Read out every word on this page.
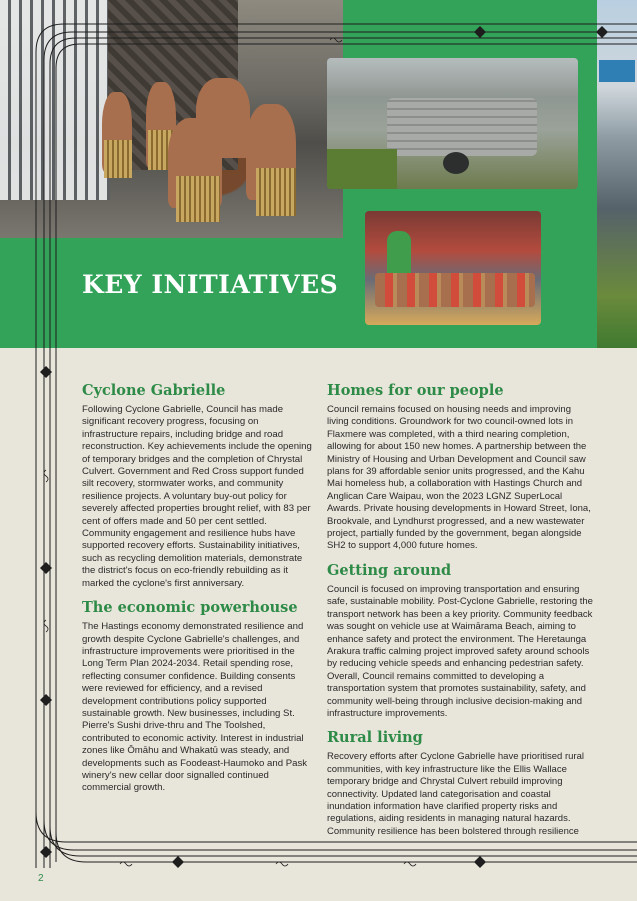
KEY INITIATIVES
Cyclone Gabrielle

Following Cyclone Gabrielle, Council has made significant recovery progress, focusing on infrastructure repairs, including bridge and road reconstruction. Key achievements include the opening of temporary bridges and the completion of Chrystal Culvert. Government and Red Cross support funded silt recovery, stormwater works, and community resilience projects. A voluntary buy-out policy for severely affected properties brought relief, with 83 per cent of offers made and 50 per cent settled. Community engagement and resilience hubs have supported recovery efforts. Sustainability initiatives, such as recycling demolition materials, demonstrate the district's focus on eco-friendly rebuilding as it marked the cyclone's first anniversary.

The economic powerhouse

The Hastings economy demonstrated resilience and growth despite Cyclone Gabrielle's challenges, and infrastructure improvements were prioritised in the Long Term Plan 2024-2034. Retail spending rose, reflecting consumer confidence. Building consents were reviewed for efficiency, and a revised development contributions policy supported sustainable growth. New businesses, including St. Pierre's Sushi drive-thru and The Toolshed, contributed to economic activity. Interest in industrial zones like Ōmāhu and Whakatū was steady, and developments such as Foodeast-Haumoko and Pask winery's new cellar door signalled continued commercial growth.

Homes for our people

Council remains focused on housing needs and improving living conditions. Groundwork for two council-owned lots in Flaxmere was completed, with a third nearing completion, allowing for about 150 new homes. A partnership between the Ministry of Housing and Urban Development and Council saw plans for 39 affordable senior units progressed, and the Kahu Mai homeless hub, a collaboration with Hastings Church and Anglican Care Waipau, won the 2023 LGNZ SuperLocal Awards. Private housing developments in Howard Street, Iona, Brookvale, and Lyndhurst progressed, and a new wastewater project, partially funded by the government, began alongside SH2 to support 4,000 future homes.

Getting around

Council is focused on improving transportation and ensuring safe, sustainable mobility. Post-Cyclone Gabrielle, restoring the transport network has been a key priority. Community feedback was sought on vehicle use at Waimārama Beach, aiming to enhance safety and protect the environment. The Heretaunga Arakura traffic calming project improved safety around schools by reducing vehicle speeds and enhancing pedestrian safety. Overall, Council remains committed to developing a transportation system that promotes sustainability, safety, and community well-being through inclusive decision-making and infrastructure improvements.

Rural living

Recovery efforts after Cyclone Gabrielle have prioritised rural communities, with key infrastructure like the Ellis Wallace temporary bridge and Chrystal Culvert rebuild improving connectivity. Updated land categorisation and coastal inundation information have clarified property risks and regulations, aiding residents in managing natural hazards. Community resilience has been bolstered through resilience

2
